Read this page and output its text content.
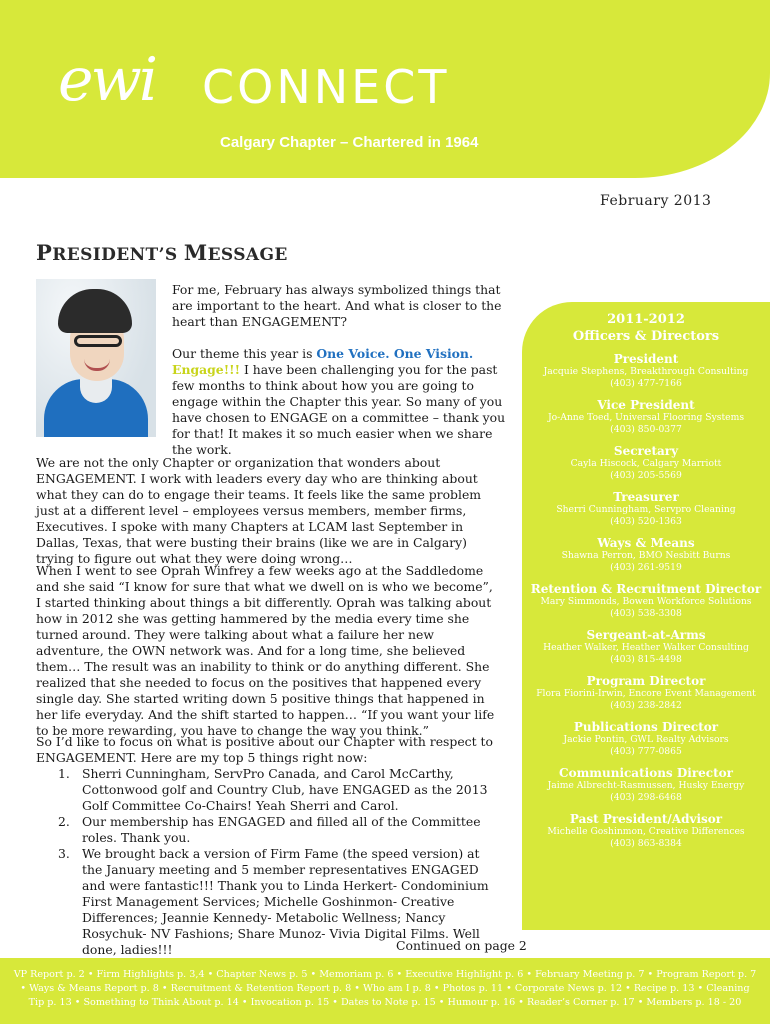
ewi CONNECT
Calgary Chapter – Chartered in 1964
February 2013
PRESIDENT’S MESSAGE

For me, February has always symbolized things that are important to the heart. And what is closer to the heart than ENGAGEMENT?

Our theme this year is One Voice. One Vision. Engage!!! I have been challenging you for the past few months to think about how you are going to engage within the Chapter this year. So many of you have chosen to ENGAGE on a committee – thank you for that! It makes it so much easier when we share the work.

We are not the only Chapter or organization that wonders about ENGAGEMENT. I work with leaders every day who are thinking about what they can do to engage their teams. It feels like the same problem just at a different level – employees versus members, member firms, Executives. I spoke with many Chapters at LCAM last September in Dallas, Texas, that were busting their brains (like we are in Calgary) trying to figure out what they were doing wrong…

When I went to see Oprah Winfrey a few weeks ago at the Saddledome and she said “I know for sure that what we dwell on is who we become”, I started thinking about things a bit differently. Oprah was talking about how in 2012 she was getting hammered by the media every time she turned around. They were talking about what a failure her new adventure, the OWN network was. And for a long time, she believed them… The result was an inability to think or do anything different. She realized that she needed to focus on the positives that happened every single day. She started writing down 5 positive things that happened in her life everyday. And the shift started to happen… “If you want your life to be more rewarding, you have to change the way you think.”

So I’d like to focus on what is positive about our Chapter with respect to ENGAGEMENT. Here are my top 5 things right now:

1. Sherri Cunningham, ServPro Canada, and Carol McCarthy, Cottonwood golf and Country Club, have ENGAGED as the 2013 Golf Committee Co-Chairs! Yeah Sherri and Carol.
2. Our membership has ENGAGED and filled all of the Committee roles. Thank you.
3. We brought back a version of Firm Fame (the speed version) at the January meeting and 5 member representatives ENGAGED and were fantastic!!! Thank you to Linda Herkert- Condominium First Management Services; Michelle Goshinmon- Creative Differences; Jeannie Kennedy- Metabolic Wellness; Nancy Rosychuk- NV Fashions; Share Munoz- Vivia Digital Films. Well done, ladies!!!	Continued on page 2
2011-2012
Officers & Directors
President
Jacquie Stephens, Breakthrough Consulting
(403) 477-7166
Vice President
Jo-Anne Toed, Universal Flooring Systems
(403) 850-0377
Secretary
Cayla Hiscock, Calgary Marriott
(403) 205-5569
Treasurer
Sherri Cunningham, Servpro Cleaning
(403) 520-1363
Ways & Means
Shawna Perron, BMO Nesbitt Burns
(403) 261-9519
Retention & Recruitment Director
Mary Simmonds, Bowen Workforce Solutions
(403) 538-3308
Sergeant-at-Arms
Heather Walker, Heather Walker Consulting
(403) 815-4498
Program Director
Flora Fiorini-Irwin, Encore Event Management
(403) 238-2842
Publications Director
Jackie Pontin, GWL Realty Advisors
(403) 777-0865
Communications Director
Jaime Albrecht-Rasmussen, Husky Energy
(403) 298-6468
Past President/Advisor
Michelle Goshinmon, Creative Differences
(403) 863-8384
VP Report p. 2 • Firm Highlights p. 3,4 • Chapter News p. 5 • Memoriam p. 6 • Executive Highlight p. 6 • February Meeting p. 7 • Program Report p. 7
• Ways & Means Report p. 8 • Recruitment & Retention Report p. 8 • Who am I p. 8 • Photos p. 11 • Corporate News p. 12 • Recipe p. 13 • Cleaning
Tip p. 13 • Something to Think About p. 14 • Invocation p. 15 • Dates to Note p. 15 • Humour p. 16 • Reader’s Corner p. 17 • Members p. 18 - 20
